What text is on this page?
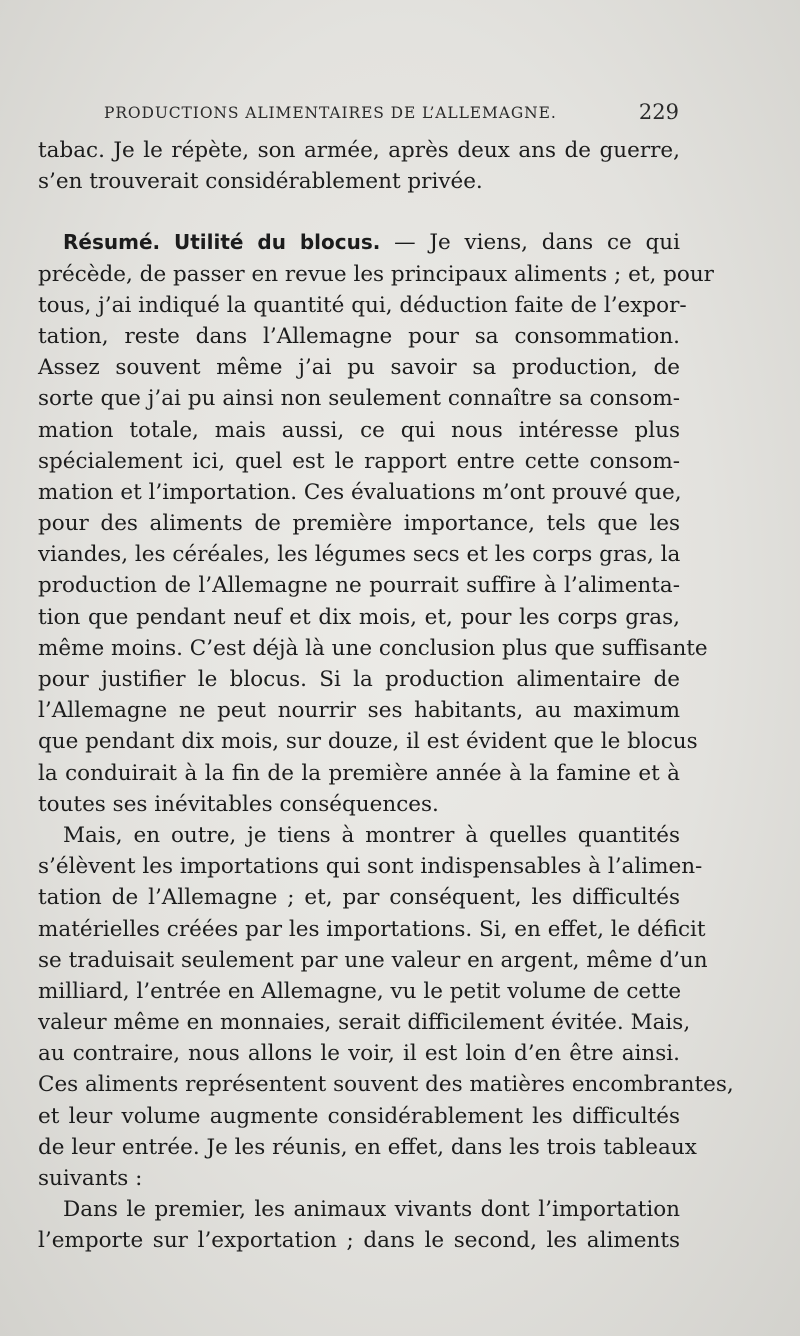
PRODUCTIONS ALIMENTAIRES DE L’ALLEMAGNE.	229
tabac. Je le répète, son armée, après deux ans de guerre,
s’en trouverait considérablement privée.
Résumé. Utilité du blocus. — Je viens, dans ce qui
précède, de passer en revue les principaux aliments ; et, pour
tous, j’ai indiqué la quantité qui, déduction faite de l’expor-
tation, reste dans l’Allemagne pour sa consommation.
Assez souvent même j’ai pu savoir sa production, de
sorte que j’ai pu ainsi non seulement connaître sa consom-
mation totale, mais aussi, ce qui nous intéresse plus
spécialement ici, quel est le rapport entre cette consom-
mation et l’importation. Ces évaluations m’ont prouvé que,
pour des aliments de première importance, tels que les
viandes, les céréales, les légumes secs et les corps gras, la
production de l’Allemagne ne pourrait suffire à l’alimenta-
tion que pendant neuf et dix mois, et, pour les corps gras,
même moins. C’est déjà là une conclusion plus que suffisante
pour justifier le blocus. Si la production alimentaire de
l’Allemagne ne peut nourrir ses habitants, au maximum
que pendant dix mois, sur douze, il est évident que le blocus
la conduirait à la fin de la première année à la famine et à
toutes ses inévitables conséquences.
Mais, en outre, je tiens à montrer à quelles quantités
s’élèvent les importations qui sont indispensables à l’alimen-
tation de l’Allemagne ; et, par conséquent, les difficultés
matérielles créées par les importations. Si, en effet, le déficit
se traduisait seulement par une valeur en argent, même d’un
milliard, l’entrée en Allemagne, vu le petit volume de cette
valeur même en monnaies, serait difficilement évitée. Mais,
au contraire, nous allons le voir, il est loin d’en être ainsi.
Ces aliments représentent souvent des matières encombrantes,
et leur volume augmente considérablement les difficultés
de leur entrée. Je les réunis, en effet, dans les trois tableaux
suivants :
Dans le premier, les animaux vivants dont l’importation
l’emporte sur l’exportation ; dans le second, les aliments
